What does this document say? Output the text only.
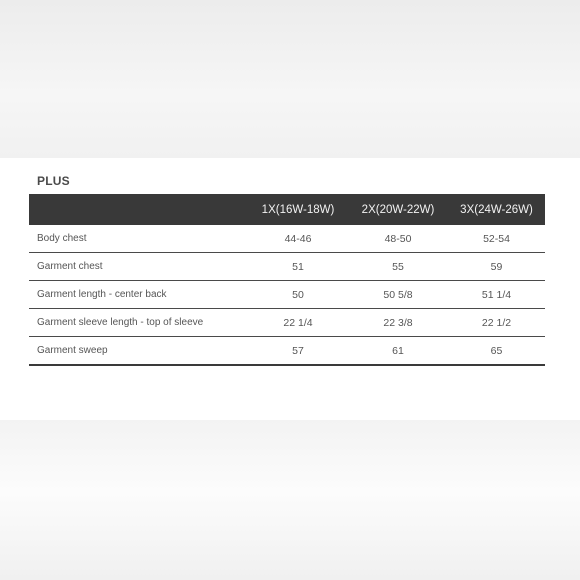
PLUS
	1X(16W-18W)	2X(20W-22W)	3X(24W-26W)
Body chest	44-46	48-50	52-54
Garment chest	51	55	59
Garment length - center back	50	50 5/8	51 1/4
Garment sleeve length - top of sleeve	22 1/4	22 3/8	22 1/2
Garment sweep	57	61	65
